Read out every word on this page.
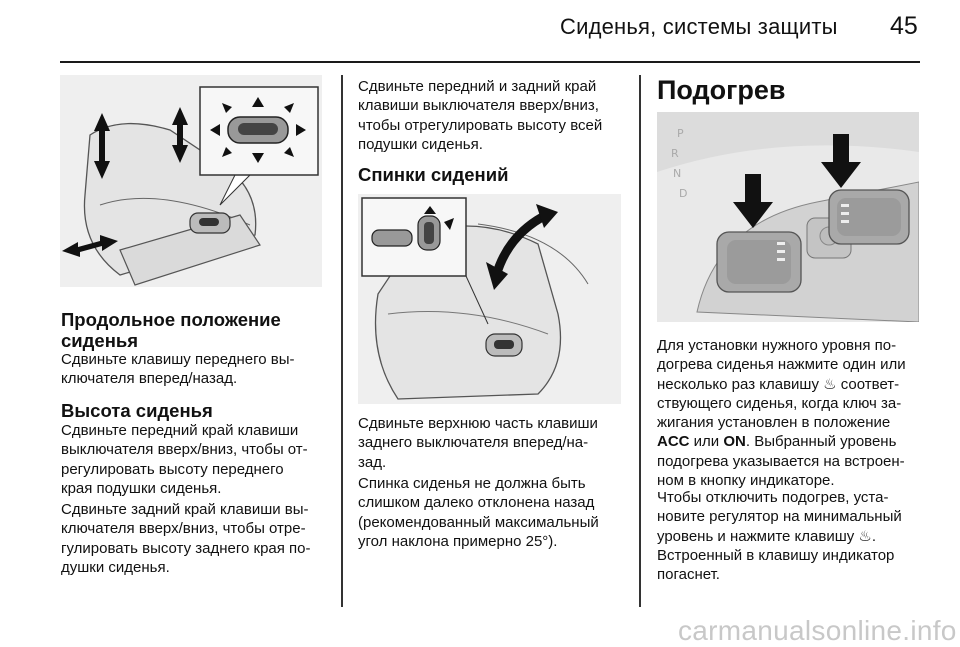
Сиденья, системы защиты 45
Продольное положение
сиденья
Сдвиньте клавишу переднего вы-
ключателя вперед/назад.
Высота сиденья
Сдвиньте передний край клавиши
выключателя вверх/вниз, чтобы от-
регулировать высоту переднего
края подушки сиденья.
Сдвиньте задний край клавиши вы-
ключателя вверх/вниз, чтобы отре-
гулировать высоту заднего края по-
душки сиденья.
Сдвиньте передний и задний край
клавиши выключателя вверх/вниз,
чтобы отрегулировать высоту всей
подушки сиденья.
Спинки сидений
Сдвиньте верхнюю часть клавиши
заднего выключателя вперед/на-
зад.
Спинка сиденья не должна быть
слишком далеко отклонена назад
(рекомендованный максимальный
угол наклона примерно 25°).
Подогрев
P
R
N
D
Для установки нужного уровня по-
догрева сиденья нажмите один или
несколько раз клавишу ♨ соответ-
ствующего сиденья, когда ключ за-
жигания установлен в положение
ACC или ON. Выбранный уровень
подогрева указывается на встроен-
ном в кнопку индикаторе.
Чтобы отключить подогрев, уста-
новите регулятор на минимальный
уровень и нажмите клавишу ♨.
Встроенный в клавишу индикатор
погаснет.
carmanualsonline.info
